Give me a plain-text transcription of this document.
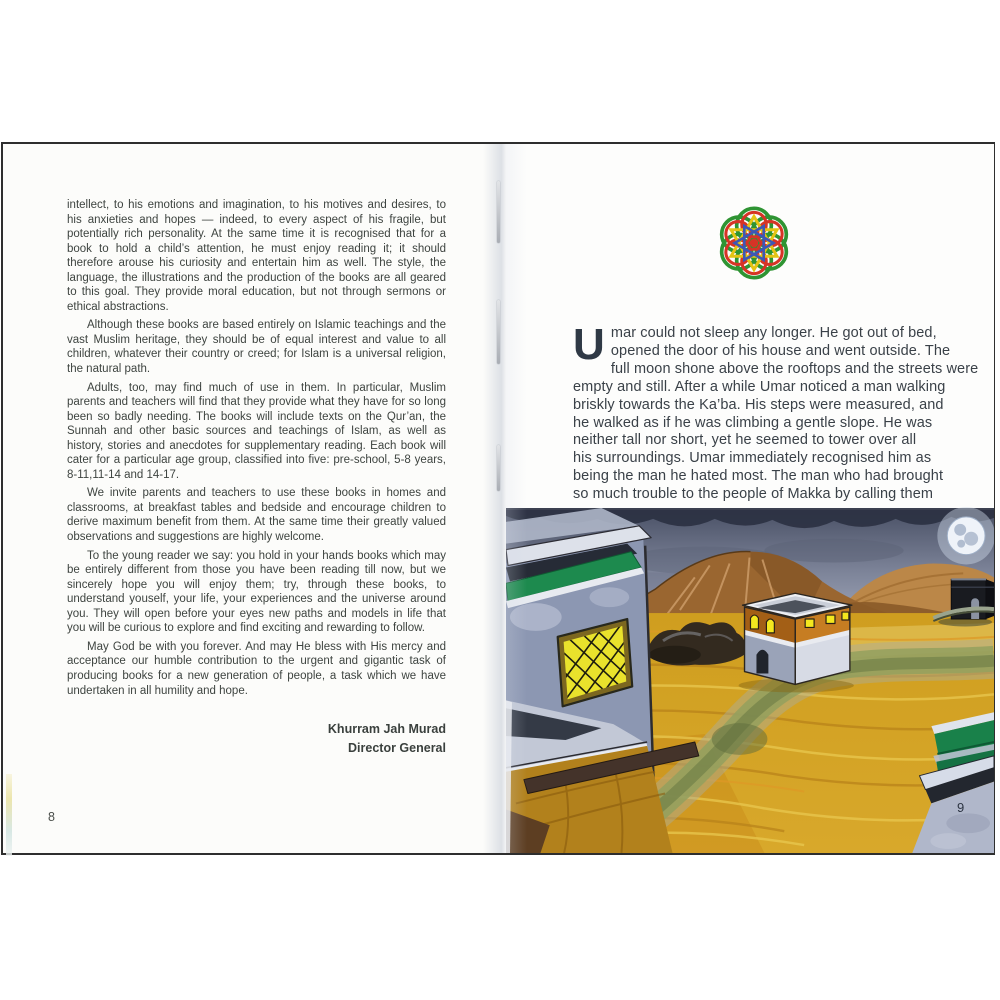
intellect, to his emotions and imagination, to his motives and desires, to his anxieties and hopes — indeed, to every aspect of his fragile, but potentially rich personality. At the same time it is recognised that for a book to hold a child’s attention, he must enjoy reading it; it should therefore arouse his curiosity and entertain him as well. The style, the language, the illustrations and the production of the books are all geared to this goal. They provide moral education, but not through sermons or ethical abstractions.

Although these books are based entirely on Islamic teachings and the vast Muslim heritage, they should be of equal interest and value to all children, whatever their country or creed; for Islam is a universal religion, the natural path.

Adults, too, may find much of use in them. In particular, Muslim parents and teachers will find that they provide what they have for so long been so badly needing. The books will include texts on the Qur’an, the Sunnah and other basic sources and teachings of Islam, as well as history, stories and anecdotes for supplementary reading. Each book will cater for a particular age group, classified into five: pre-school, 5-8 years, 8-11,11-14 and 14-17.

We invite parents and teachers to use these books in homes and classrooms, at breakfast tables and bedside and encourage children to derive maximum benefit from them. At the same time their greatly valued observations and suggestions are highly welcome.

To the young reader we say: you hold in your hands books which may be entirely different from those you have been reading till now, but we sincerely hope you will enjoy them; try, through these books, to understand youself, your life, your experiences and the universe around you. They will open before your eyes new paths and models in life that you will be curious to explore and find exciting and rewarding to follow.

May God be with you forever. And may He bless with His mercy and acceptance our humble contribution to the urgent and gigantic task of producing books for a new generation of people, a task which we have undertaken in all humility and hope.

Khurram Jah Murad
Director General
8
U mar could not sleep any longer. He got out of bed,
opened the door of his house and went outside. The
full moon shone above the rooftops and the streets were
empty and still. After a while Umar noticed a man walking
briskly towards the Ka’ba. His steps were measured, and
he walked as if he was climbing a gentle slope. He was
neither tall nor short, yet he seemed to tower over all
his surroundings. Umar immediately recognised him as
being the man he hated most. The man who had brought
so much trouble to the people of Makka by calling them
9
